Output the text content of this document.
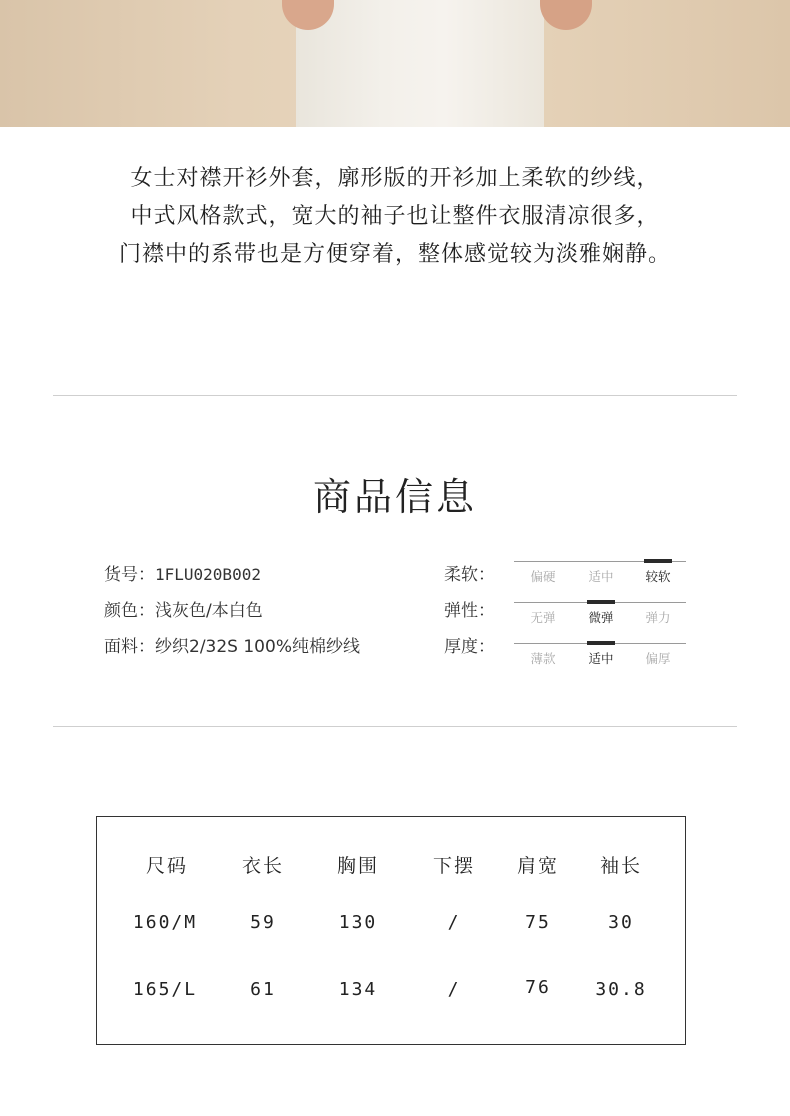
女士对襟开衫外套，廓形版的开衫加上柔软的纱线，
中式风格款式，宽大的袖子也让整件衣服清凉很多，
门襟中的系带也是方便穿着，整体感觉较为淡雅娴静。
商品信息
货号：1FLU020B002
颜色：浅灰色/本白色
面料：纱织2/32S 100%纯棉纱线
柔软：	偏硬	适中	较软
弹性：	无弹	微弹	弹力
厚度：
薄款	适中	偏厚
尺码	衣长	胸围	下摆 肩宽 袖长
160/M	59	130	/	75	30
165/L	61	134	/	76 30.8
